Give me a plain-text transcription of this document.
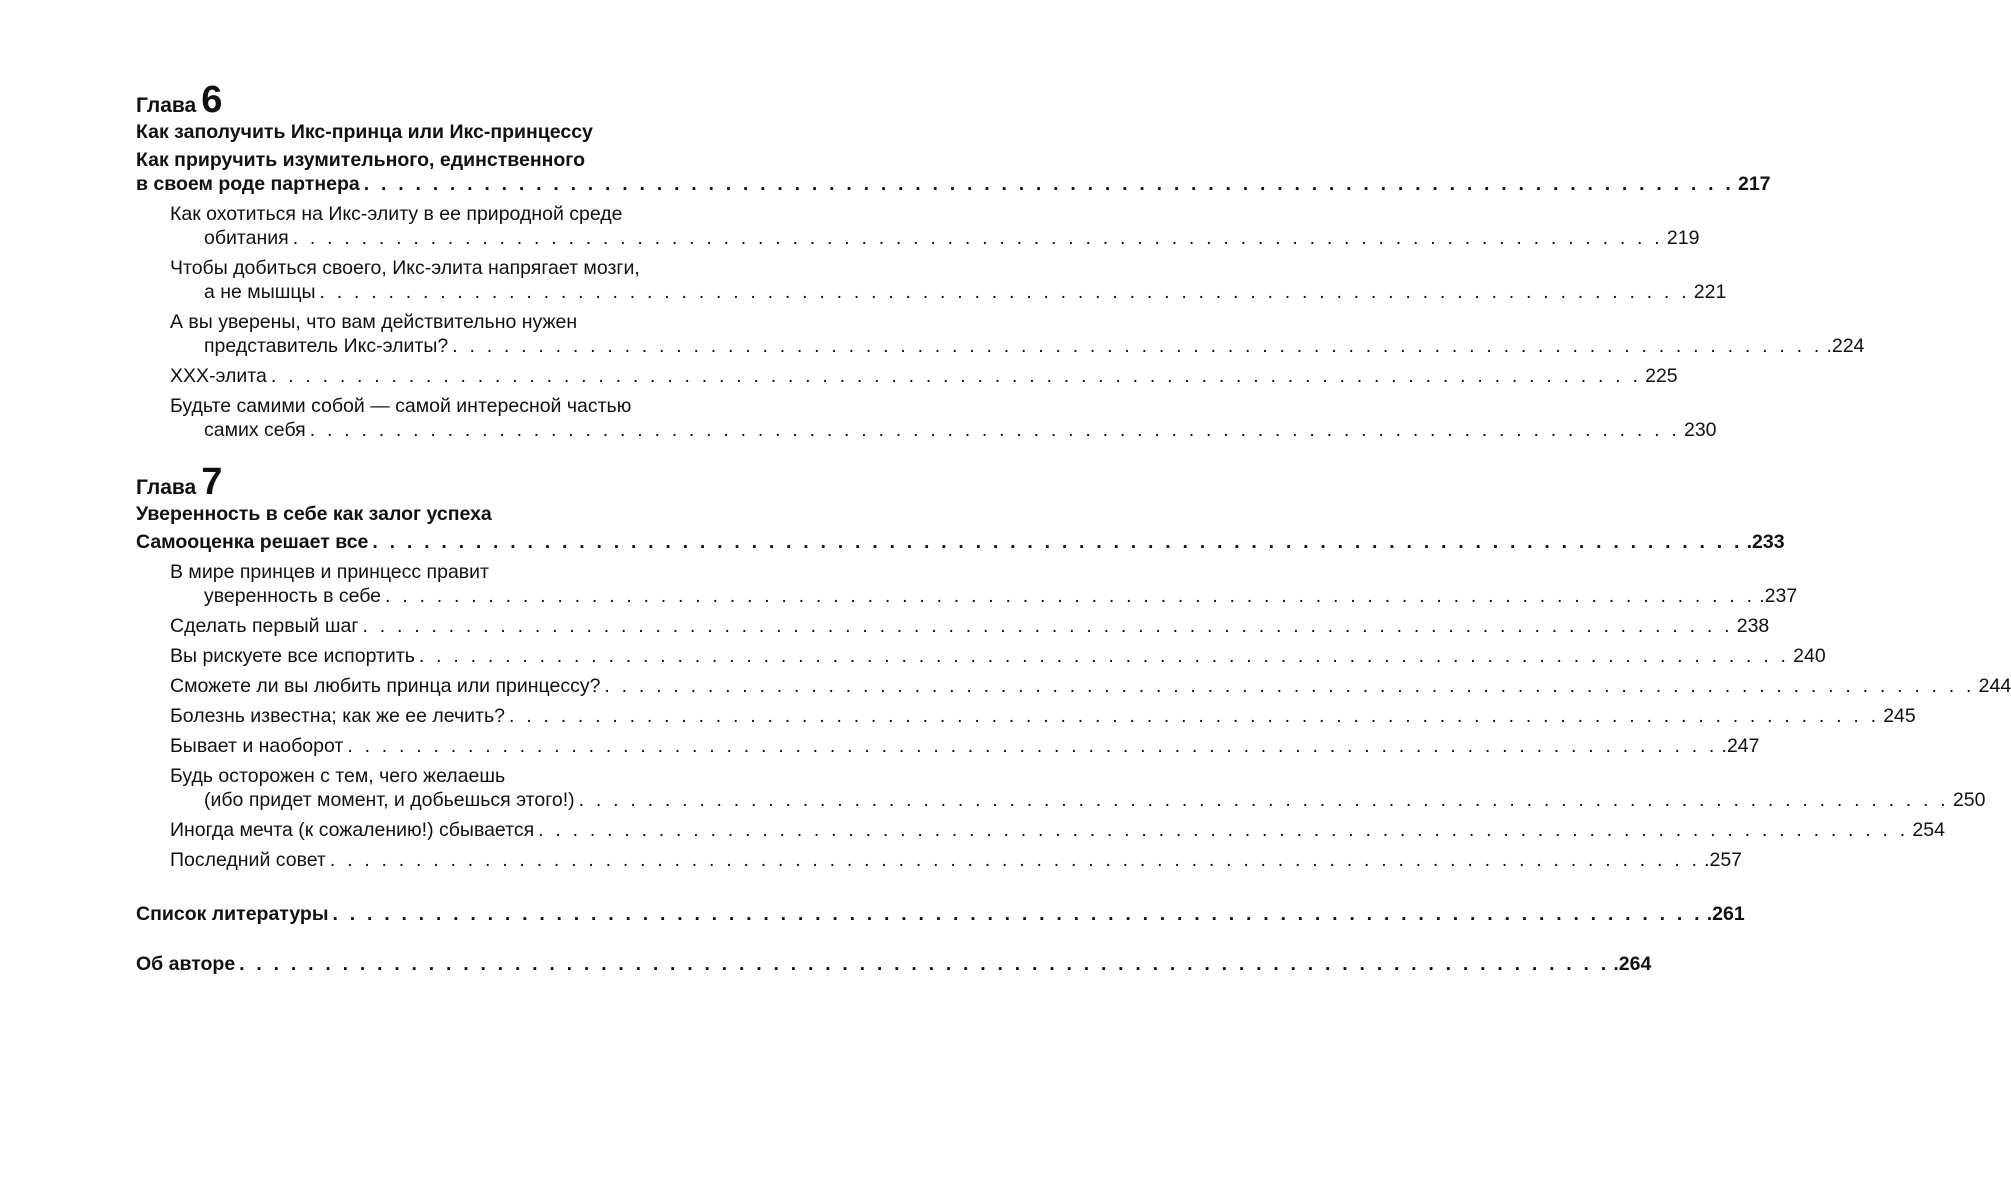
Глава 6
Как заполучить Икс-принца или Икс-принцессу
Как приручить изумительного, единственного
в своем роде партнера . . . . . . . . . . . . . . . . . . . . . . . . . . . . . . . . . . . . . . . . . . . . . . . . . . . . . . . . . . . . . . . . . . . . . . . . . . . . . . . . 217
Как охотиться на Икс-элиту в ее природной среде
обитания . . . . . . . . . . . . . . . . . . . . . . . . . . . . . . . . . . . . . . . . . . . . . . . . . . . . . . . . . . . . . . . . . . . . . . . . . . . . . . . . 219
Чтобы добиться своего, Икс-элита напрягает мозги,
а не мышцы . . . . . . . . . . . . . . . . . . . . . . . . . . . . . . . . . . . . . . . . . . . . . . . . . . . . . . . . . . . . . . . . . . . . . . . . . . . . . . . . 221
А вы уверены, что вам действительно нужен
представитель Икс-элиты? . . . . . . . . . . . . . . . . . . . . . . . . . . . . . . . . . . . . . . . . . . . . . . . . . . . . . . . . . . . . . . . . . . . . . . . . . . . . . . . . .224
XXX-элита . . . . . . . . . . . . . . . . . . . . . . . . . . . . . . . . . . . . . . . . . . . . . . . . . . . . . . . . . . . . . . . . . . . . . . . . . . . . . . . . 225
Будьте самими собой — самой интересной частью
самих себя . . . . . . . . . . . . . . . . . . . . . . . . . . . . . . . . . . . . . . . . . . . . . . . . . . . . . . . . . . . . . . . . . . . . . . . . . . . . . . . . 230
Глава 7
Уверенность в себе как залог успеха
Самооценка решает все . . . . . . . . . . . . . . . . . . . . . . . . . . . . . . . . . . . . . . . . . . . . . . . . . . . . . . . . . . . . . . . . . . . . . . . . . . . . . . . . .233
В мире принцев и принцесс правит
уверенность в себе . . . . . . . . . . . . . . . . . . . . . . . . . . . . . . . . . . . . . . . . . . . . . . . . . . . . . . . . . . . . . . . . . . . . . . . . . . . . . . . . .237
Сделать первый шаг . . . . . . . . . . . . . . . . . . . . . . . . . . . . . . . . . . . . . . . . . . . . . . . . . . . . . . . . . . . . . . . . . . . . . . . . . . . . . . . . 238
Вы рискуете все испортить . . . . . . . . . . . . . . . . . . . . . . . . . . . . . . . . . . . . . . . . . . . . . . . . . . . . . . . . . . . . . . . . . . . . . . . . . . . . . . . . 240
Сможете ли вы любить принца или принцессу? . . . . . . . . . . . . . . . . . . . . . . . . . . . . . . . . . . . . . . . . . . . . . . . . . . . . . . . . . . . . . . . . . . . . . . . . . . . . . . . . 244
Болезнь известна; как же ее лечить? . . . . . . . . . . . . . . . . . . . . . . . . . . . . . . . . . . . . . . . . . . . . . . . . . . . . . . . . . . . . . . . . . . . . . . . . . . . . . . . . 245
Бывает и наоборот . . . . . . . . . . . . . . . . . . . . . . . . . . . . . . . . . . . . . . . . . . . . . . . . . . . . . . . . . . . . . . . . . . . . . . . . . . . . . . . . .247
Будь осторожен с тем, чего желаешь
(ибо придет момент, и добьешься этого!) . . . . . . . . . . . . . . . . . . . . . . . . . . . . . . . . . . . . . . . . . . . . . . . . . . . . . . . . . . . . . . . . . . . . . . . . . . . . . . . . 250
Иногда мечта (к сожалению!) сбывается . . . . . . . . . . . . . . . . . . . . . . . . . . . . . . . . . . . . . . . . . . . . . . . . . . . . . . . . . . . . . . . . . . . . . . . . . . . . . . . . 254
Последний совет . . . . . . . . . . . . . . . . . . . . . . . . . . . . . . . . . . . . . . . . . . . . . . . . . . . . . . . . . . . . . . . . . . . . . . . . . . . . . . . . .257
Список литературы . . . . . . . . . . . . . . . . . . . . . . . . . . . . . . . . . . . . . . . . . . . . . . . . . . . . . . . . . . . . . . . . . . . . . . . . . . . . . . . . .261
Об авторе . . . . . . . . . . . . . . . . . . . . . . . . . . . . . . . . . . . . . . . . . . . . . . . . . . . . . . . . . . . . . . . . . . . . . . . . . . . . . . . . .264
